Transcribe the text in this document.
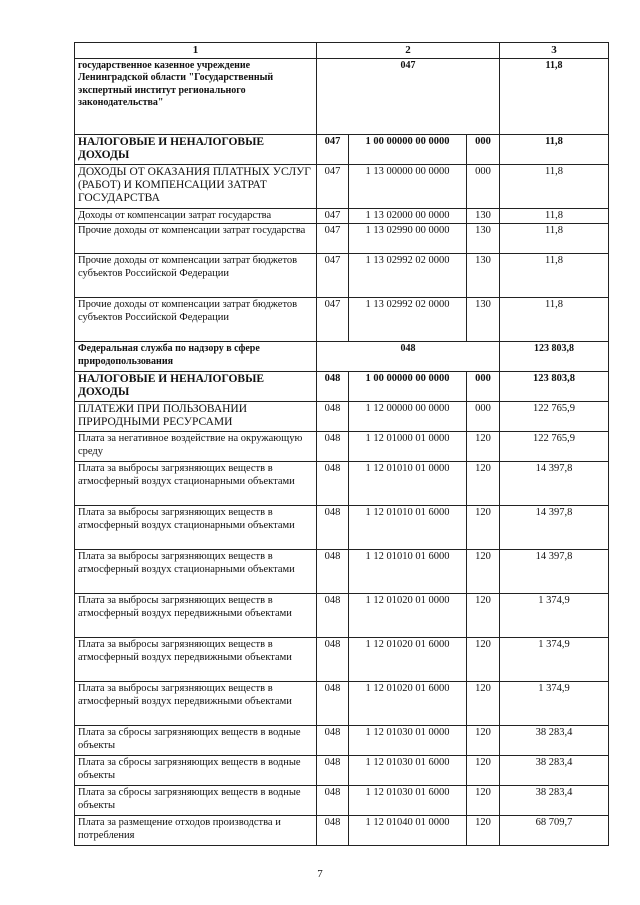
1	2			3
государственное казенное учреждение Ленинградской области "Государственный экспертный институт регионального законодательства"	047			11,8
НАЛОГОВЫЕ И НЕНАЛОГОВЫЕ ДОХОДЫ	047	1 00 00000 00 0000	000	11,8
ДОХОДЫ ОТ ОКАЗАНИЯ ПЛАТНЫХ УСЛУГ (РАБОТ) И КОМПЕНСАЦИИ ЗАТРАТ ГОСУДАРСТВА	047	1 13 00000 00 0000	000	11,8
Доходы от компенсации затрат государства	047	1 13 02000 00 0000	130	11,8
Прочие доходы от компенсации затрат государства	047	1 13 02990 00 0000	130	11,8
Прочие доходы от компенсации затрат бюджетов субъектов Российской Федерации	047	1 13 02992 02 0000	130	11,8
Прочие доходы от компенсации затрат бюджетов субъектов Российской Федерации	047	1 13 02992 02 0000	130	11,8
Федеральная служба по надзору в сфере природопользования	048			123 803,8
НАЛОГОВЫЕ И НЕНАЛОГОВЫЕ ДОХОДЫ	048	1 00 00000 00 0000	000	123 803,8
ПЛАТЕЖИ ПРИ ПОЛЬЗОВАНИИ ПРИРОДНЫМИ РЕСУРСАМИ	048	1 12 00000 00 0000	000	122 765,9
Плата за негативное воздействие на окружающую среду	048	1 12 01000 01 0000	120	122 765,9
Плата за выбросы загрязняющих веществ в атмосферный воздух стационарными объектами	048	1 12 01010 01 0000	120	14 397,8
Плата за выбросы загрязняющих веществ в атмосферный воздух стационарными объектами	048	1 12 01010 01 6000	120	14 397,8
Плата за выбросы загрязняющих веществ в атмосферный воздух стационарными объектами	048	1 12 01010 01 6000	120	14 397,8
Плата за выбросы загрязняющих веществ в атмосферный воздух передвижными объектами	048	1 12 01020 01 0000	120	1 374,9
Плата за выбросы загрязняющих веществ в атмосферный воздух передвижными объектами	048	1 12 01020 01 6000	120	1 374,9
Плата за выбросы загрязняющих веществ в атмосферный воздух передвижными объектами	048	1 12 01020 01 6000	120	1 374,9
Плата за сбросы загрязняющих веществ в водные объекты	048	1 12 01030 01 0000	120	38 283,4
Плата за сбросы загрязняющих веществ в водные объекты	048	1 12 01030 01 6000	120	38 283,4
Плата за сбросы загрязняющих веществ в водные объекты	048	1 12 01030 01 6000	120	38 283,4
Плата за размещение отходов производства и потребления	048	1 12 01040 01 0000	120	68 709,7
7
